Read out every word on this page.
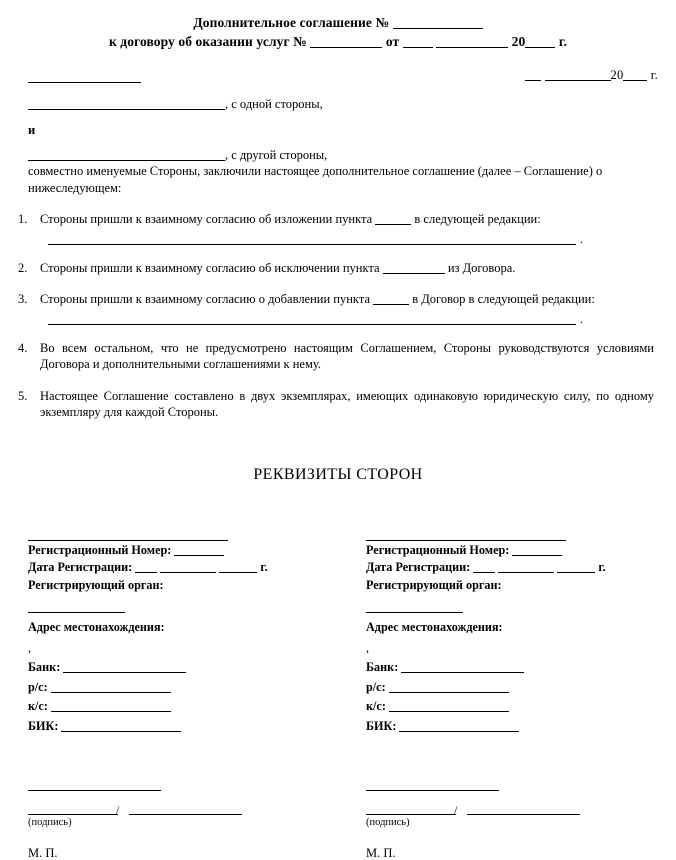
Дополнительное соглашение №
к договору об оказании услуг №	от	20 г.
20 г.
, с одной стороны,
и
, с другой стороны,
совместно именуемые Стороны, заключили настоящее дополнительное соглашение (далее – Соглашение) о нижеследующем:
1. Стороны пришли к взаимному согласию об изложении пункта	в следующей редакции:
.
2. Стороны пришли к взаимному согласию об исключении пункта	из Договора.
3. Стороны пришли к взаимному согласию о добавлении пункта	в Договор в следующей редакции:
.
4. Во всем остальном, что не предусмотрено настоящим Соглашением, Стороны руководствуются условиями Договора и дополнительными соглашениями к нему.
5. Настоящее Соглашение составлено в двух экземплярах, имеющих одинаковую юридическую силу, по одному экземпляру для каждой Стороны.
РЕКВИЗИТЫ СТОРОН
Регистрационный Номер:
Дата Регистрации:	г.
Регистрирующий орган:
Адрес местонахождения:
,
Банк:
р/с:
к/с:
БИК:
Регистрационный Номер:
Дата Регистрации:	г.
Регистрирующий орган:
Адрес местонахождения:
,
Банк:
р/с:
к/с:
БИК:
/
(подпись)
М. П.
/
(подпись)
М. П.
